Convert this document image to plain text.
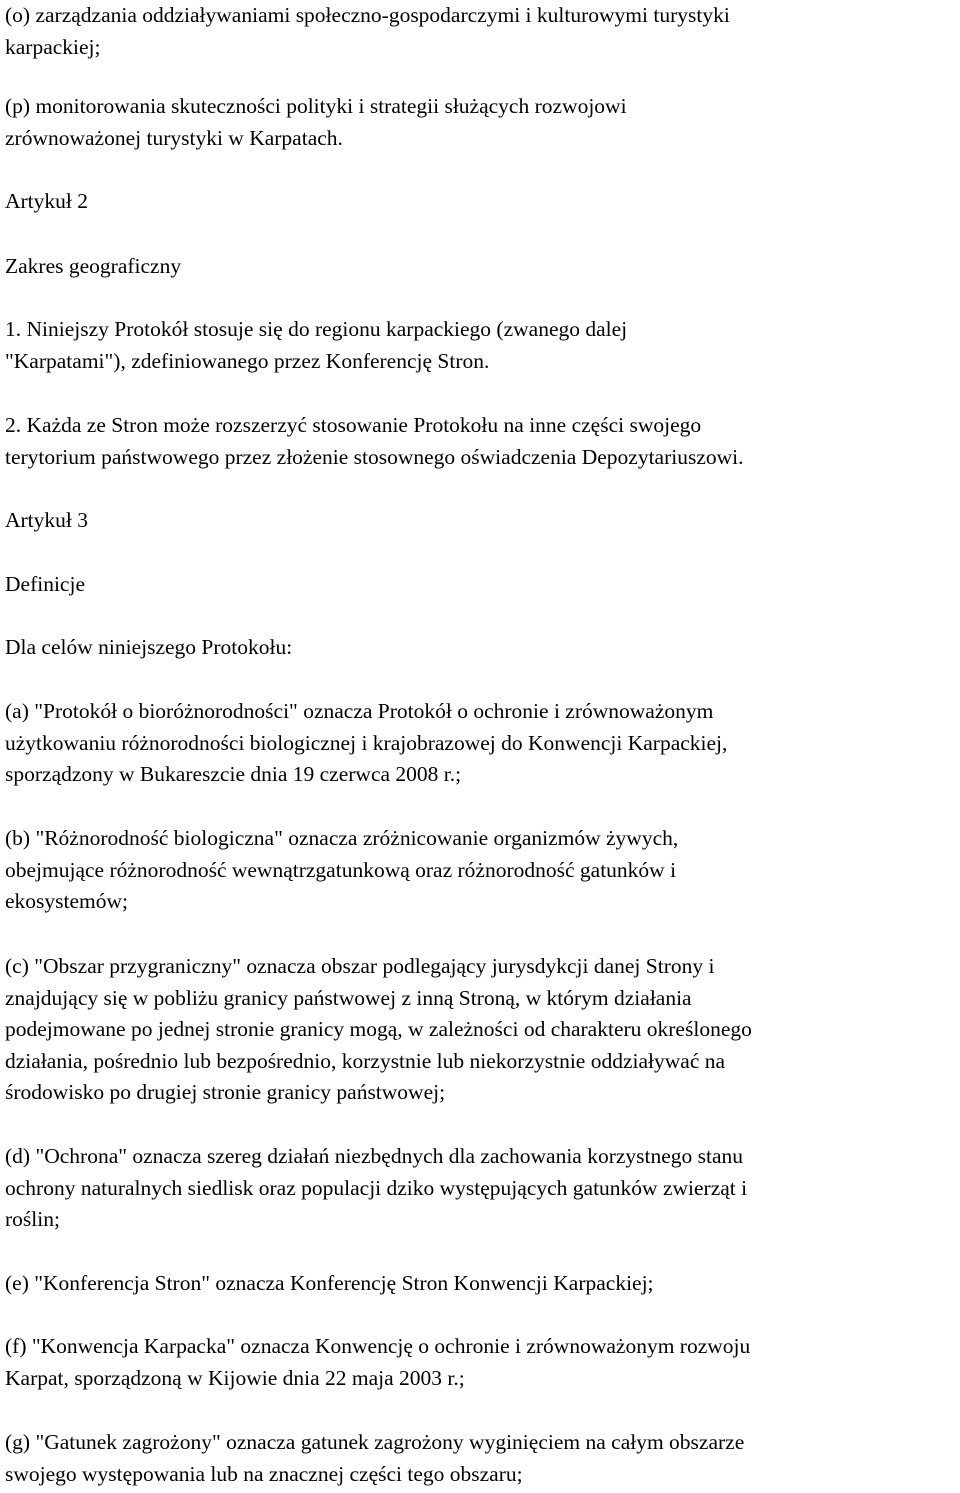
(o) zarządzania oddziaływaniami społeczno-gospodarczymi i kulturowymi turystyki
karpackiej;

(p) monitorowania skuteczności polityki i strategii służących rozwojowi
zrównoważonej turystyki w Karpatach.

Artykuł 2

Zakres geograficzny

1. Niniejszy Protokół stosuje się do regionu karpackiego (zwanego dalej
"Karpatami"), zdefiniowanego przez Konferencję Stron.

2. Każda ze Stron może rozszerzyć stosowanie Protokołu na inne części swojego
terytorium państwowego przez złożenie stosownego oświadczenia Depozytariuszowi.

Artykuł 3

Definicje

Dla celów niniejszego Protokołu:

(a) "Protokół o bioróżnorodności" oznacza Protokół o ochronie i zrównoważonym
użytkowaniu różnorodności biologicznej i krajobrazowej do Konwencji Karpackiej,
sporządzony w Bukareszcie dnia 19 czerwca 2008 r.;

(b) "Różnorodność biologiczna" oznacza zróżnicowanie organizmów żywych,
obejmujące różnorodność wewnątrzgatunkową oraz różnorodność gatunków i
ekosystemów;

(c) "Obszar przygraniczny" oznacza obszar podlegający jurysdykcji danej Strony i
znajdujący się w pobliżu granicy państwowej z inną Stroną, w którym działania
podejmowane po jednej stronie granicy mogą, w zależności od charakteru określonego
działania, pośrednio lub bezpośrednio, korzystnie lub niekorzystnie oddziaływać na
środowisko po drugiej stronie granicy państwowej;

(d) "Ochrona" oznacza szereg działań niezbędnych dla zachowania korzystnego stanu
ochrony naturalnych siedlisk oraz populacji dziko występujących gatunków zwierząt i
roślin;

(e) "Konferencja Stron" oznacza Konferencję Stron Konwencji Karpackiej;

(f) "Konwencja Karpacka" oznacza Konwencję o ochronie i zrównoważonym rozwoju
Karpat, sporządzoną w Kijowie dnia 22 maja 2003 r.;

(g) "Gatunek zagrożony" oznacza gatunek zagrożony wyginięciem na całym obszarze
swojego występowania lub na znacznej części tego obszaru;
